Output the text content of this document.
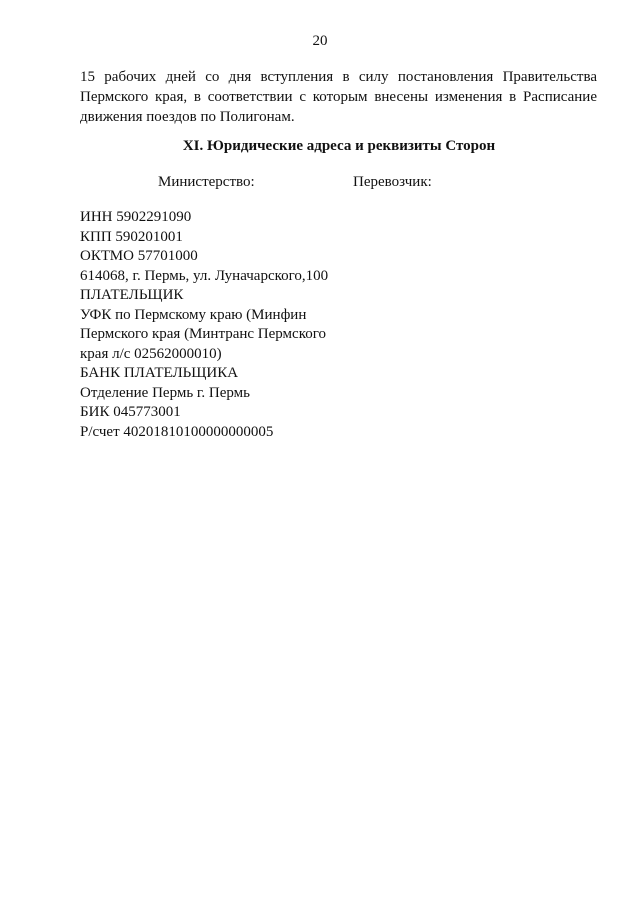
20
15 рабочих дней со дня вступления в силу постановления Правительства
Пермского края, в соответствии с которым внесены изменения в Расписание
движения поездов по Полигонам.
XI. Юридические адреса и реквизиты Сторон
Министерство:	Перевозчик:
ИНН 5902291090
КПП 590201001
ОКТМО 57701000
614068, г. Пермь, ул. Луначарского,100
ПЛАТЕЛЬЩИК
УФК по Пермскому краю (Минфин
Пермского края (Минтранс Пермского
края л/с 02562000010)
БАНК ПЛАТЕЛЬЩИКА
Отделение Пермь г. Пермь
БИК 045773001
Р/счет 40201810100000000005
